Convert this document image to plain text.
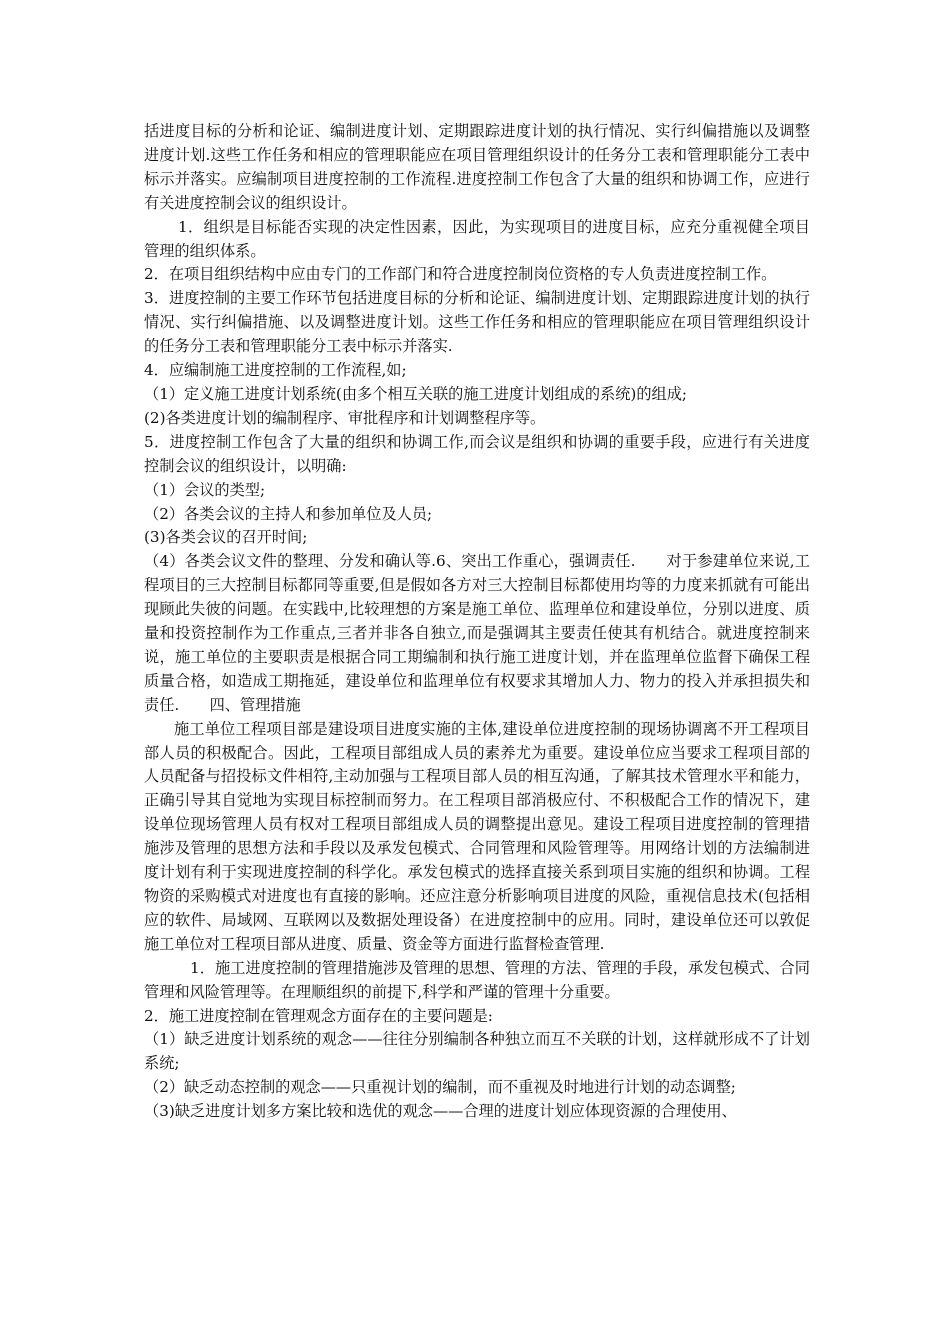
括进度目标的分析和论证、编制进度计划、定期跟踪进度计划的执行情况、实行纠偏措施以及调整进度计划.这些工作任务和相应的管理职能应在项目管理组织设计的任务分工表和管理职能分工表中标示并落实。应编制项目进度控制的工作流程.进度控制工作包含了大量的组织和协调工作，应进行有关进度控制会议的组织设计。

1．组织是目标能否实现的决定性因素，因此，为实现项目的进度目标，应充分重视健全项目管理的组织体系。

2．在项目组织结构中应由专门的工作部门和符合进度控制岗位资格的专人负责进度控制工作。

3．进度控制的主要工作环节包括进度目标的分析和论证、编制进度计划、定期跟踪进度计划的执行情况、实行纠偏措施、以及调整进度计划。这些工作任务和相应的管理职能应在项目管理组织设计的任务分工表和管理职能分工表中标示并落实.

4．应编制施工进度控制的工作流程,如;

（1）定义施工进度计划系统(由多个相互关联的施工进度计划组成的系统)的组成;

(2)各类进度计划的编制程序、审批程序和计划调整程序等。

5．进度控制工作包含了大量的组织和协调工作,而会议是组织和协调的重要手段，应进行有关进度控制会议的组织设计，以明确:

（1）会议的类型;

（2）各类会议的主持人和参加单位及人员;

(3)各类会议的召开时间;

（4）各类会议文件的整理、分发和确认等.6、突出工作重心，强调责任.　　对于参建单位来说,工程项目的三大控制目标都同等重要,但是假如各方对三大控制目标都使用均等的力度来抓就有可能出现顾此失彼的问题。在实践中,比较理想的方案是施工单位、监理单位和建设单位，分别以进度、质量和投资控制作为工作重点,三者并非各自独立,而是强调其主要责任使其有机结合。就进度控制来说，施工单位的主要职责是根据合同工期编制和执行施工进度计划，并在监理单位监督下确保工程质量合格，如造成工期拖延，建设单位和监理单位有权要求其增加人力、物力的投入并承担损失和责任.　　四、管理措施

施工单位工程项目部是建设项目进度实施的主体,建设单位进度控制的现场协调离不开工程项目部人员的积极配合。因此，工程项目部组成人员的素养尤为重要。建设单位应当要求工程项目部的人员配备与招投标文件相符,主动加强与工程项目部人员的相互沟通，了解其技术管理水平和能力，正确引导其自觉地为实现目标控制而努力。在工程项目部消极应付、不积极配合工作的情况下，建设单位现场管理人员有权对工程项目部组成人员的调整提出意见。建设工程项目进度控制的管理措施涉及管理的思想方法和手段以及承发包模式、合同管理和风险管理等。用网络计划的方法编制进度计划有利于实现进度控制的科学化。承发包模式的选择直接关系到项目实施的组织和协调。工程物资的采购模式对进度也有直接的影响。还应注意分析影响项目进度的风险，重视信息技术(包括相应的软件、局域网、互联网以及数据处理设备）在进度控制中的应用。同时，建设单位还可以敦促施工单位对工程项目部从进度、质量、资金等方面进行监督检查管理.

1．施工进度控制的管理措施涉及管理的思想、管理的方法、管理的手段，承发包模式、合同管理和风险管理等。在理顺组织的前提下,科学和严谨的管理十分重要。

2．施工进度控制在管理观念方面存在的主要问题是:

（1）缺乏进度计划系统的观念——往往分别编制各种独立而互不关联的计划，这样就形成不了计划系统;

（2）缺乏动态控制的观念——只重视计划的编制，而不重视及时地进行计划的动态调整;

（3)缺乏进度计划多方案比较和选优的观念——合理的进度计划应体现资源的合理使用、
